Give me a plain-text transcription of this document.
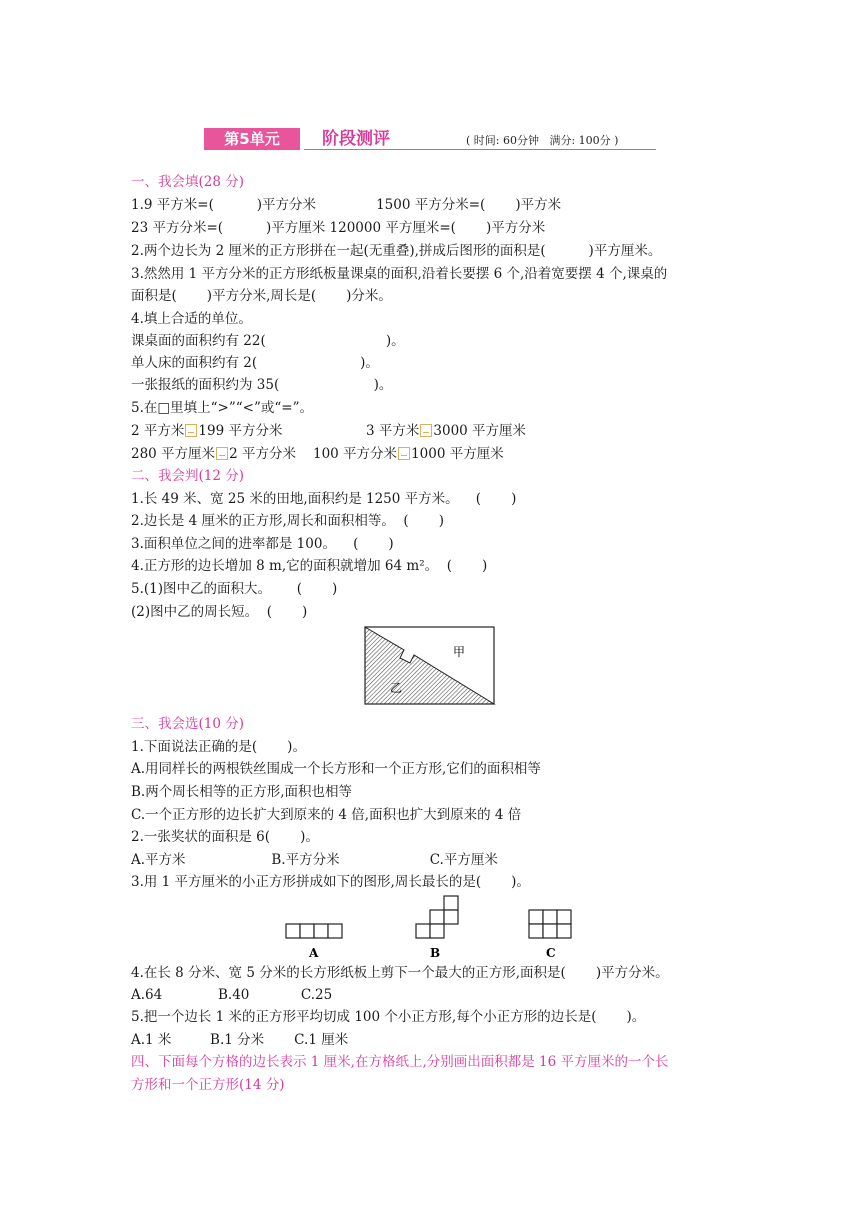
第5单元	阶段测评	( 时间: 60分钟   满分: 100分 )
一、我会填(28 分)
1.9 平方米=(          )平方分米              1500 平方分米=(       )平方米
23 平方分米=(          )平方厘米 120000 平方厘米=(       )平方分米
2.两个边长为 2 厘米的正方形拼在一起(无重叠),拼成后图形的面积是(          )平方厘米。
3.然然用 1 平方分米的正方形纸板量课桌的面积,沿着长要摆 6 个,沿着宽要摆 4 个,课桌的
面积是(       )平方分米,周长是(       )分米。
4.填上合适的单位。
课桌面的面积约有 22(                            )。
单人床的面积约有 2(                        )。
一张报纸的面积约为 35(                      )。
5.在□里填上“>”“<”或“=”。
2 平方米 199 平方分米	3 平方米 3000 平方厘米
280 平方厘米 2 平方分米 100 平方分米 1000 平方厘米
二、我会判(12 分)
1.长 49 米、宽 25 米的田地,面积约是 1250 平方米。    (       )
2.边长是 4 厘米的正方形,周长和面积相等。  (       )
3.面积单位之间的进率都是 100。    (       )
4.正方形的边长增加 8 m,它的面积就增加 64 m²。  (       )
5.(1)图中乙的面积大。      (       )
(2)图中乙的周长短。  (       )
甲
乙
三、我会选(10 分)
1.下面说法正确的是(       )。
A.用同样长的两根铁丝围成一个长方形和一个正方形,它们的面积相等
B.两个周长相等的正方形,面积也相等
C.一个正方形的边长扩大到原来的 4 倍,面积也扩大到原来的 4 倍
2.一张奖状的面积是 6(       )。
A.平方米                    B.平方分米                     C.平方厘米
3.用 1 平方厘米的小正方形拼成如下的图形,周长最长的是(       )。
A	B	C
4.在长 8 分米、宽 5 分米的长方形纸板上剪下一个最大的正方形,面积是(       )平方分米。
A.64             B.40            C.25
5.把一个边长 1 米的正方形平均切成 100 个小正方形,每个小正方形的边长是(       )。
A.1 米         B.1 分米       C.1 厘米
四、下面每个方格的边长表示 1 厘米,在方格纸上,分别画出面积都是 16 平方厘米的一个长
方形和一个正方形(14 分)
